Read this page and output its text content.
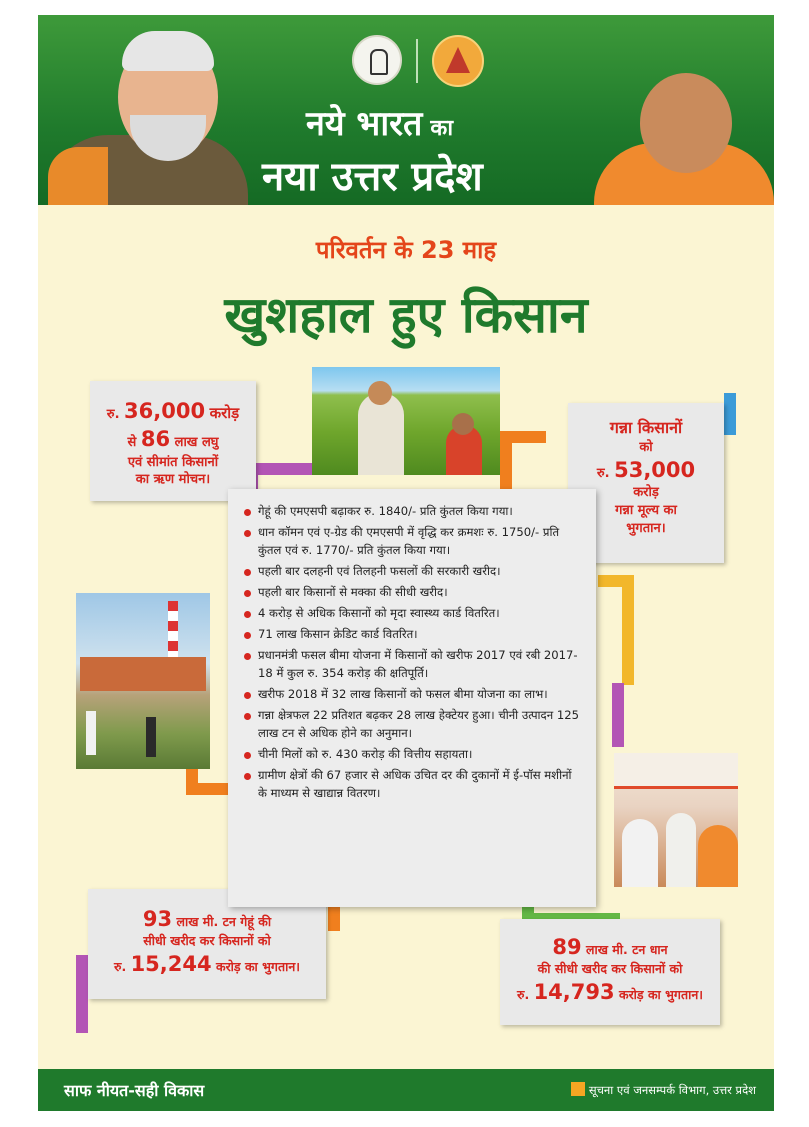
नये भारत का
नया उत्तर प्रदेश
परिवर्तन के 23 माह
खुशहाल हुए किसान
रु. 36,000 करोड़
से 86 लाख लघु
एवं सीमांत किसानों
का ऋण मोचन।
गन्ना किसानों
को
रु. 53,000
करोड़
गन्ना मूल्य का
भुगतान।
93 लाख मी. टन गेहूं की
सीधी खरीद कर किसानों को
रु. 15,244 करोड़ का भुगतान।
89 लाख मी. टन धान
की सीधी खरीद कर किसानों को
रु. 14,793 करोड़ का भुगतान।
गेहूं की एमएसपी बढ़ाकर रु. 1840/- प्रति कुंतल किया गया।
धान कॉमन एवं ए-ग्रेड की एमएसपी में वृद्धि कर क्रमशः रु. 1750/- प्रति कुंतल एवं रु. 1770/- प्रति कुंतल किया गया।
पहली बार दलहनी एवं तिलहनी फसलों की सरकारी खरीद।
पहली बार किसानों से मक्का की सीधी खरीद।
4 करोड़ से अधिक किसानों को मृदा स्वास्थ्य कार्ड वितरित।
71 लाख किसान क्रेडिट कार्ड वितरित।
प्रधानमंत्री फसल बीमा योजना में किसानों को खरीफ 2017 एवं रबी 2017-18 में कुल रु. 354 करोड़ की क्षतिपूर्ति।
खरीफ 2018 में 32 लाख किसानों को फसल बीमा योजना का लाभ।
गन्ना क्षेत्रफल 22 प्रतिशत बढ़कर 28 लाख हेक्टेयर हुआ। चीनी उत्पादन 125 लाख टन से अधिक होने का अनुमान।
चीनी मिलों को रु. 430 करोड़ की वित्तीय सहायता।
ग्रामीण क्षेत्रों की 67 हजार से अधिक उचित दर की दुकानों में ई-पॉस मशीनों के माध्यम से खाद्यान्न वितरण।
साफ नीयत-सही विकास	सूचना एवं जनसम्पर्क विभाग, उत्तर प्रदेश
